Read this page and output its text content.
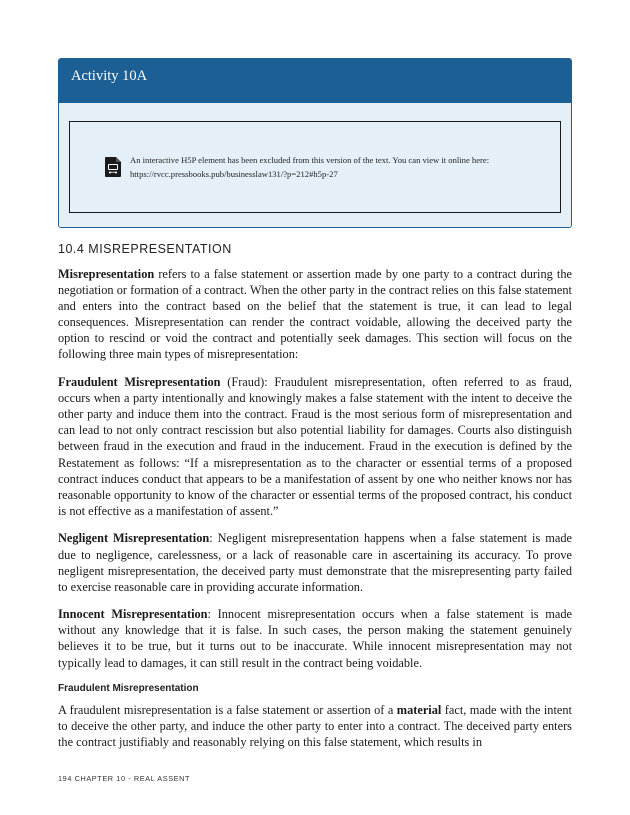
Activity 10A
An interactive H5P element has been excluded from this version of the text. You can view it online here:
https://rvcc.pressbooks.pub/businesslaw131/?p=212#h5p-27
10.4 MISREPRESENTATION

Misrepresentation refers to a false statement or assertion made by one party to a contract during the negotiation or formation of a contract. When the other party in the contract relies on this false statement and enters into the contract based on the belief that the statement is true, it can lead to legal consequences. Misrepresentation can render the contract voidable, allowing the deceived party the option to rescind or void the contract and potentially seek damages. This section will focus on the following three main types of misrepresentation:

Fraudulent Misrepresentation (Fraud): Fraudulent misrepresentation, often referred to as fraud, occurs when a party intentionally and knowingly makes a false statement with the intent to deceive the other party and induce them into the contract. Fraud is the most serious form of misrepresentation and can lead to not only contract rescission but also potential liability for damages. Courts also distinguish between fraud in the execution and fraud in the inducement. Fraud in the execution is defined by the Restatement as follows: “If a misrepresentation as to the character or essential terms of a proposed contract induces conduct that appears to be a manifestation of assent by one who neither knows nor has reasonable opportunity to know of the character or essential terms of the proposed contract, his conduct is not effective as a manifestation of assent.”

Negligent Misrepresentation: Negligent misrepresentation happens when a false statement is made due to negligence, carelessness, or a lack of reasonable care in ascertaining its accuracy. To prove negligent misrepresentation, the deceived party must demonstrate that the misrepresenting party failed to exercise reasonable care in providing accurate information.

Innocent Misrepresentation: Innocent misrepresentation occurs when a false statement is made without any knowledge that it is false. In such cases, the person making the statement genuinely believes it to be true, but it turns out to be inaccurate. While innocent misrepresentation may not typically lead to damages, it can still result in the contract being voidable.

Fraudulent Misrepresentation

A fraudulent misrepresentation is a false statement or assertion of a material fact, made with the intent to deceive the other party, and induce the other party to enter into a contract. The deceived party enters the contract justifiably and reasonably relying on this false statement, which results in

194 CHAPTER 10 - REAL ASSENT
